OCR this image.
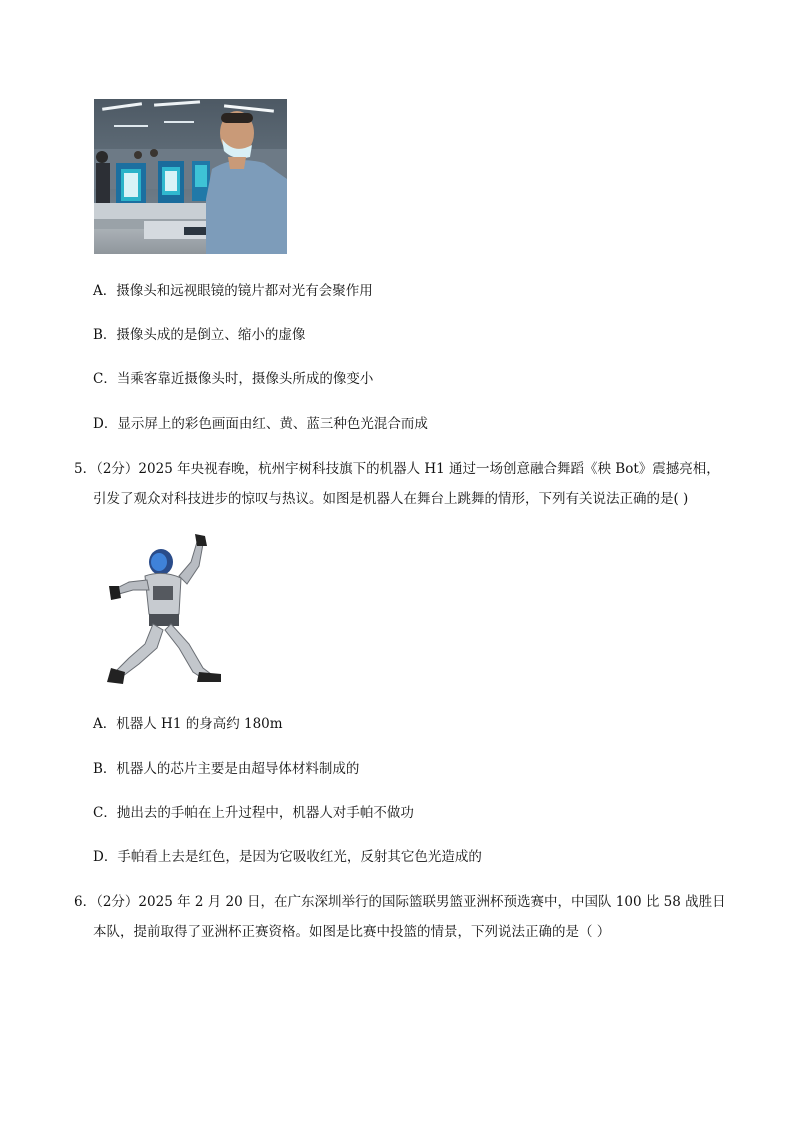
A．摄像头和远视眼镜的镜片都对光有会聚作用
B．摄像头成的是倒立、缩小的虚像
C．当乘客靠近摄像头时，摄像头所成的像变小
D．显示屏上的彩色画面由红、黄、蓝三种色光混合而成
5．（2分）2025 年央视春晚，杭州宇树科技旗下的机器人 H1 通过一场创意融合舞蹈《秧 Bot》震撼亮相，
引发了观众对科技进步的惊叹与热议。如图是机器人在舞台上跳舞的情形，下列有关说法正确的是( )
A．机器人 H1 的身高约 180m
B．机器人的芯片主要是由超导体材料制成的
C．抛出去的手帕在上升过程中，机器人对手帕不做功
D．手帕看上去是红色，是因为它吸收红光，反射其它色光造成的
6．（2分）2025 年 2 月 20 日，在广东深圳举行的国际篮联男篮亚洲杯预选赛中，中国队 100 比 58 战胜日
本队，提前取得了亚洲杯正赛资格。如图是比赛中投篮的情景，下列说法正确的是（ ）
